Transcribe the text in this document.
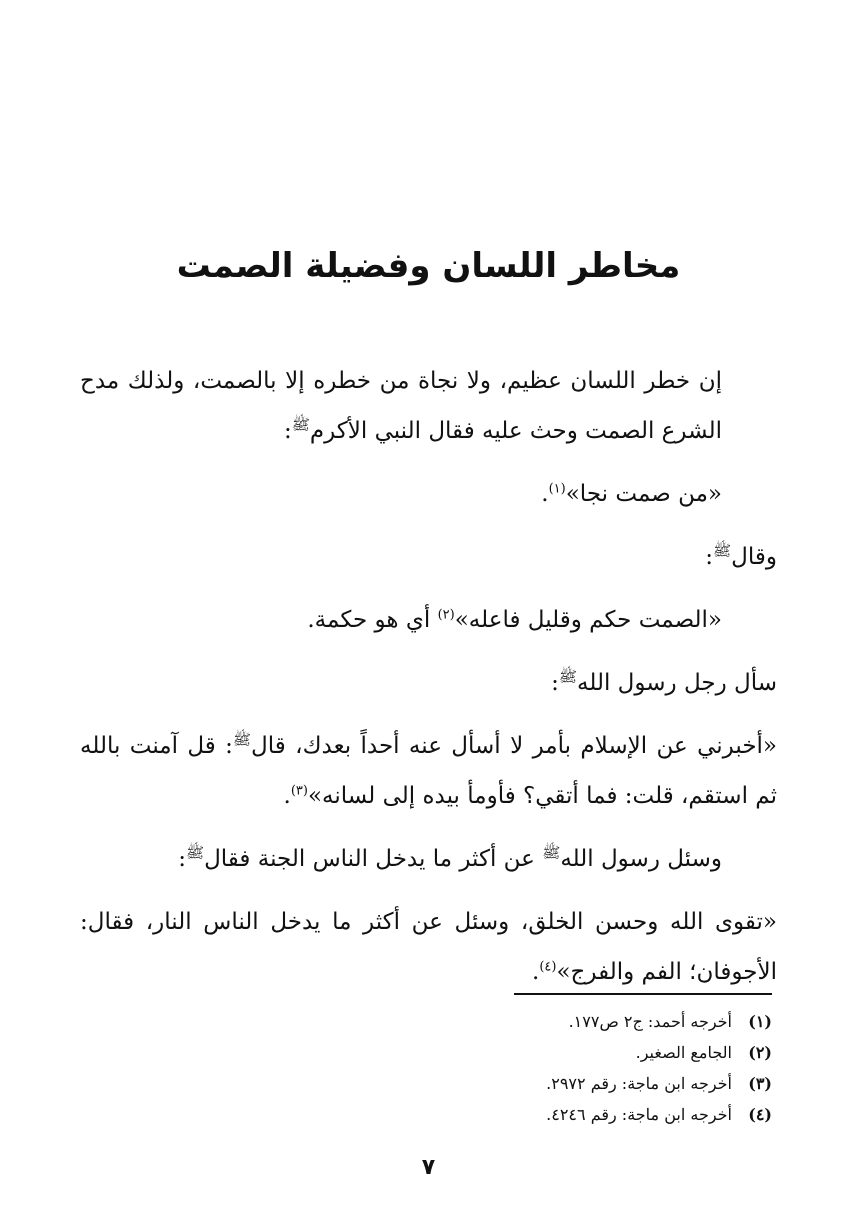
مخاطر اللسان وفضيلة الصمت

إن خطر اللسان عظيم، ولا نجاة من خطره إلا بالصمت، ولذلك مدح الشرع الصمت وحث عليه فقال النبي الأكرم$^ﷺ$:

«من صمت نجا»$^{(١)}$.

وقال$^ﷺ$:

«الصمت حكم وقليل فاعله»$^{(٢)}$ أي هو حكمة.

سأل رجل رسول الله$^ﷺ$:

«أخبرني عن الإسلام بأمر لا أسأل عنه أحداً بعدك، قال$^ﷺ$: قل آمنت بالله ثم استقم، قلت: فما أتقي؟ فأومأ بيده إلى لسانه»$^{(٣)}$.

وسئل رسول الله$^ﷺ$ عن أكثر ما يدخل الناس الجنة فقال$^ﷺ$:

«تقوى الله وحسن الخلق، وسئل عن أكثر ما يدخل الناس النار، فقال: الأجوفان؛ الفم والفرج»$^{(٤)}$.

(١)أخرجه أحمد: ج٢ ص١٧٧.
(٢)الجامع الصغير.
(٣)أخرجه ابن ماجة: رقم ٢٩٧٢.
(٤)أخرجه ابن ماجة: رقم ٤٢٤٦.
٧
